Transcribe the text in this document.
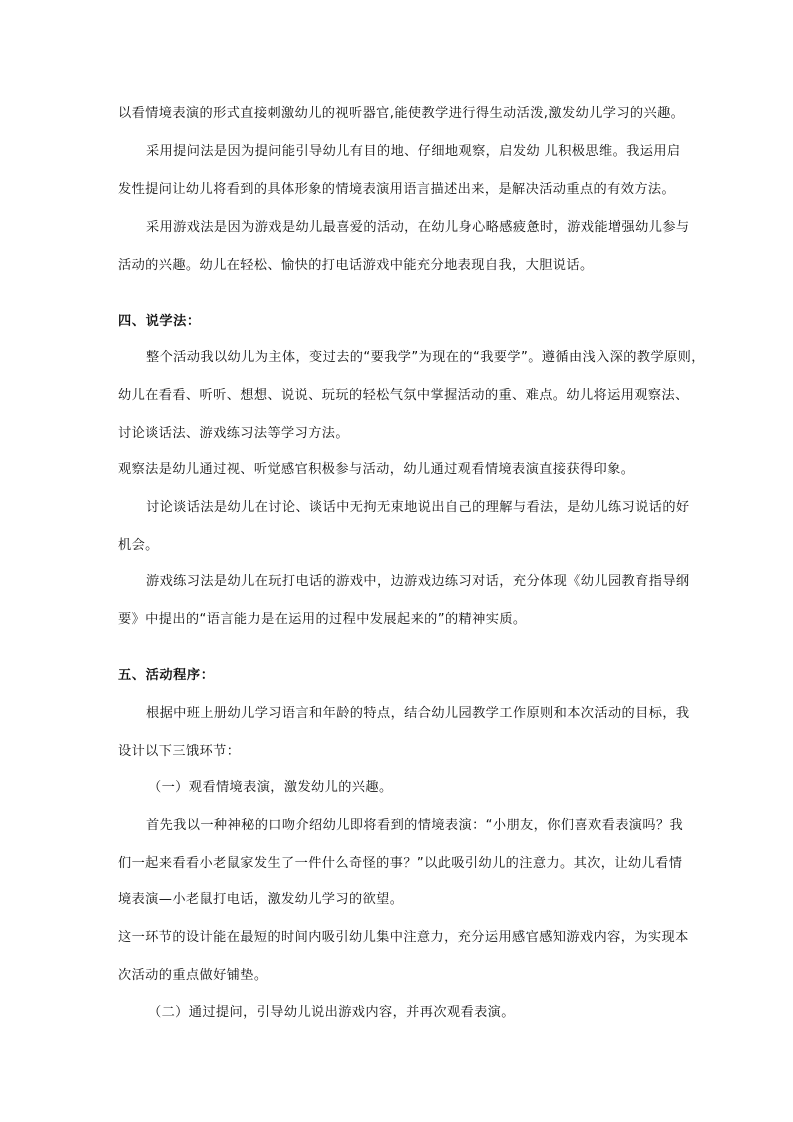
以看情境表演的形式直接刺激幼儿的视听器官,能使教学进行得生动活泼,激发幼儿学习的兴趣。
采用提问法是因为提问能引导幼儿有目的地、仔细地观察，启发幼 儿积极思维。我运用启
发性提问让幼儿将看到的具体形象的情境表演用语言描述出来，是解决活动重点的有效方法。
采用游戏法是因为游戏是幼儿最喜爱的活动，在幼儿身心略感疲惫时，游戏能增强幼儿参与
活动的兴趣。幼儿在轻松、愉快的打电话游戏中能充分地表现自我，大胆说话。
四、说学法：
整个活动我以幼儿为主体，变过去的“要我学”为现在的“我要学”。遵循由浅入深的教学原则，
幼儿在看看、听听、想想、说说、玩玩的轻松气氛中掌握活动的重、难点。幼儿将运用观察法、
讨论谈话法、游戏练习法等学习方法。
观察法是幼儿通过视、听觉感官积极参与活动，幼儿通过观看情境表演直接获得印象。
讨论谈话法是幼儿在讨论、谈话中无拘无束地说出自己的理解与看法，是幼儿练习说话的好
机会。
游戏练习法是幼儿在玩打电话的游戏中，边游戏边练习对话，充分体现《幼儿园教育指导纲
要》中提出的“语言能力是在运用的过程中发展起来的”的精神实质。
五、活动程序：
根据中班上册幼儿学习语言和年龄的特点，结合幼儿园教学工作原则和本次活动的目标，我
设计以下三饿环节：
（一）观看情境表演，激发幼儿的兴趣。
首先我以一种神秘的口吻介绍幼儿即将看到的情境表演：“小朋友，你们喜欢看表演吗？我
们一起来看看小老鼠家发生了一件什么奇怪的事？”以此吸引幼儿的注意力。其次，让幼儿看情
境表演—小老鼠打电话，激发幼儿学习的欲望。
这一环节的设计能在最短的时间内吸引幼儿集中注意力，充分运用感官感知游戏内容，为实现本
次活动的重点做好铺垫。
（二）通过提问，引导幼儿说出游戏内容，并再次观看表演。
